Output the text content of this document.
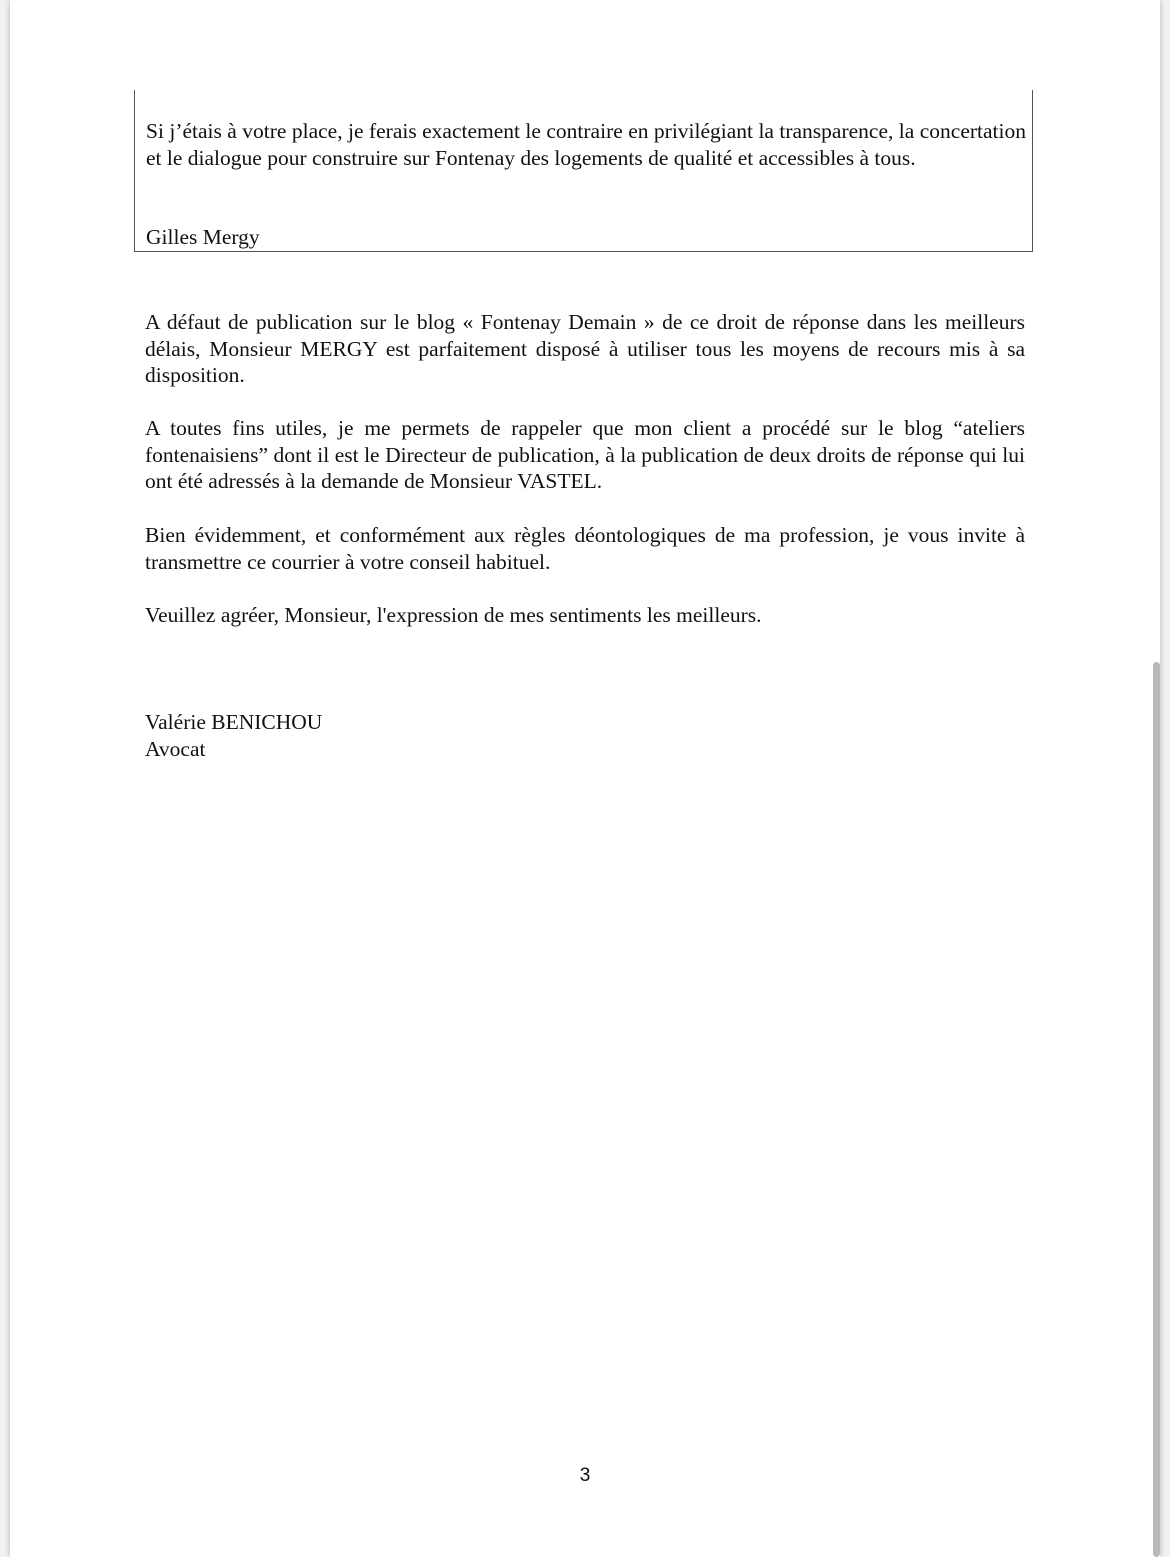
Si j’étais à votre place, je ferais exactement le contraire en privilégiant la transparence, la concertation et le dialogue pour construire sur Fontenay des logements de qualité et accessibles à tous.

Gilles Mergy

A défaut de publication sur le blog « Fontenay Demain » de ce droit de réponse dans les meilleurs délais, Monsieur MERGY est parfaitement disposé à utiliser tous les moyens de recours mis à sa disposition.

A toutes fins utiles, je me permets de rappeler que mon client a procédé sur le blog “ateliers fontenaisiens” dont il est le Directeur de publication, à la publication de deux droits de réponse qui lui ont été adressés à la demande de Monsieur VASTEL.

Bien évidemment, et conformément aux règles déontologiques de ma profession, je vous invite à transmettre ce courrier à votre conseil habituel.

Veuillez agréer, Monsieur, l'expression de mes sentiments les meilleurs.

Valérie BENICHOU
Avocat
3
